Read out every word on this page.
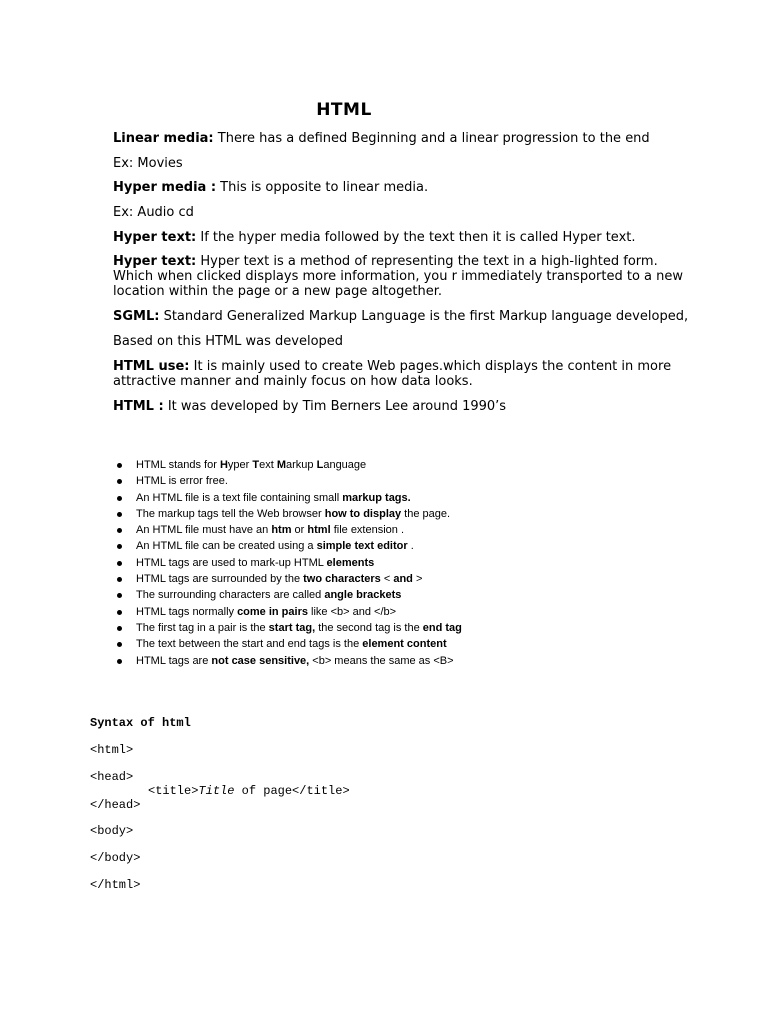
HTML
Linear media: There has a defined Beginning and a linear progression to the end
Ex: Movies
Hyper media : This is opposite to linear media.
Ex: Audio cd
Hyper text: If the hyper media followed by the text then it is called Hyper text.
Hyper text: Hyper text is a method of representing the text in a high-lighted form.
Which when clicked displays more information, you r immediately transported to a new
location within the page or a new page altogether.
SGML: Standard Generalized Markup Language is the first Markup language developed,
Based on this HTML was developed
HTML use: It is mainly used to create Web pages.which displays the content in more
attractive manner and mainly focus on how data looks.
HTML : It was developed by Tim Berners Lee around 1990’s
HTML stands for Hyper Text Markup Language
HTML is error free.
An HTML file is a text file containing small markup tags.
The markup tags tell the Web browser how to display the page.
An HTML file must have an htm or html file extension .
An HTML file can be created using a simple text editor .
HTML tags are used to mark-up HTML elements
HTML tags are surrounded by the two characters < and >
The surrounding characters are called angle brackets
HTML tags normally come in pairs like <b> and </b>
The first tag in a pair is the start tag, the second tag is the end tag
The text between the start and end tags is the element content
HTML tags are not case sensitive, <b> means the same as <B>
Syntax of html
<html>
<head>
<title>Title of page</title>
</head>
<body>
</body>
</html>
